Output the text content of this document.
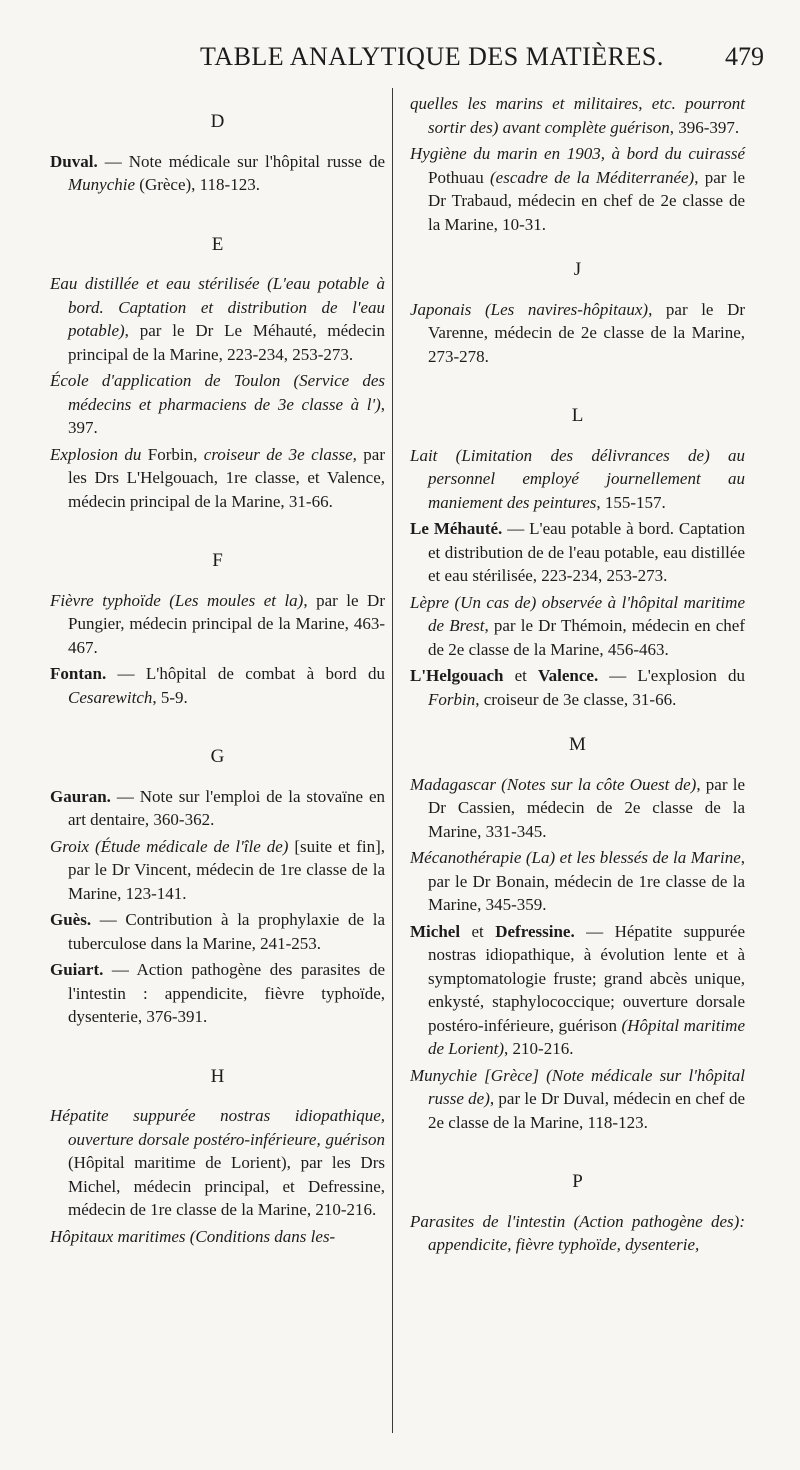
TABLE ANALYTIQUE DES MATIÈRES. 479
D

Duval. — Note médicale sur l'hôpital russe de Munychie (Grèce), 118-123.

E

Eau distillée et eau stérilisée (L'eau potable à bord. Captation et distribution de l'eau potable), par le Dr Le Méhauté, médecin principal de la Marine, 223-234, 253-273.

École d'application de Toulon (Service des médecins et pharmaciens de 3e classe à l'), 397.

Explosion du Forbin, croiseur de 3e classe, par les Drs L'Helgouach, 1re classe, et Valence, médecin principal de la Marine, 31-66.

F

Fièvre typhoïde (Les moules et la), par le Dr Pungier, médecin principal de la Marine, 463-467.

Fontan. — L'hôpital de combat à bord du Cesarewitch, 5-9.

G

Gauran. — Note sur l'emploi de la stovaïne en art dentaire, 360-362.

Groix (Étude médicale de l'île de) [suite et fin], par le Dr Vincent, médecin de 1re classe de la Marine, 123-141.

Guès. — Contribution à la prophylaxie de la tuberculose dans la Marine, 241-253.

Guiart. — Action pathogène des parasites de l'intestin : appendicite, fièvre typhoïde, dysenterie, 376-391.

H

Hépatite suppurée nostras idiopathique, ouverture dorsale postéro-inférieure, guérison (Hôpital maritime de Lorient), par les Drs Michel, médecin principal, et Defressine, médecin de 1re classe de la Marine, 210-216.

Hôpitaux maritimes (Conditions dans les-

quelles les marins et militaires, etc. pourront sortir des) avant complète guérison, 396-397.

Hygiène du marin en 1903, à bord du cuirassé Pothuau (escadre de la Méditerranée), par le Dr Trabaud, médecin en chef de 2e classe de la Marine, 10-31.

J

Japonais (Les navires-hôpitaux), par le Dr Varenne, médecin de 2e classe de la Marine, 273-278.

L

Lait (Limitation des délivrances de) au personnel employé journellement au maniement des peintures, 155-157.

Le Méhauté. — L'eau potable à bord. Captation et distribution de de l'eau potable, eau distillée et eau stérilisée, 223-234, 253-273.

Lèpre (Un cas de) observée à l'hôpital maritime de Brest, par le Dr Thémoin, médecin en chef de 2e classe de la Marine, 456-463.

L'Helgouach et Valence. — L'explosion du Forbin, croiseur de 3e classe, 31-66.

M

Madagascar (Notes sur la côte Ouest de), par le Dr Cassien, médecin de 2e classe de la Marine, 331-345.

Mécanothérapie (La) et les blessés de la Marine, par le Dr Bonain, médecin de 1re classe de la Marine, 345-359.

Michel et Defressine. — Hépatite suppurée nostras idiopathique, à évolution lente et à symptomatologie fruste; grand abcès unique, enkysté, staphylococcique; ouverture dorsale postéro-inférieure, guérison (Hôpital maritime de Lorient), 210-216.

Munychie [Grèce] (Note médicale sur l'hôpital russe de), par le Dr Duval, médecin en chef de 2e classe de la Marine, 118-123.

P

Parasites de l'intestin (Action pathogène des): appendicite, fièvre typhoïde, dysenterie,
